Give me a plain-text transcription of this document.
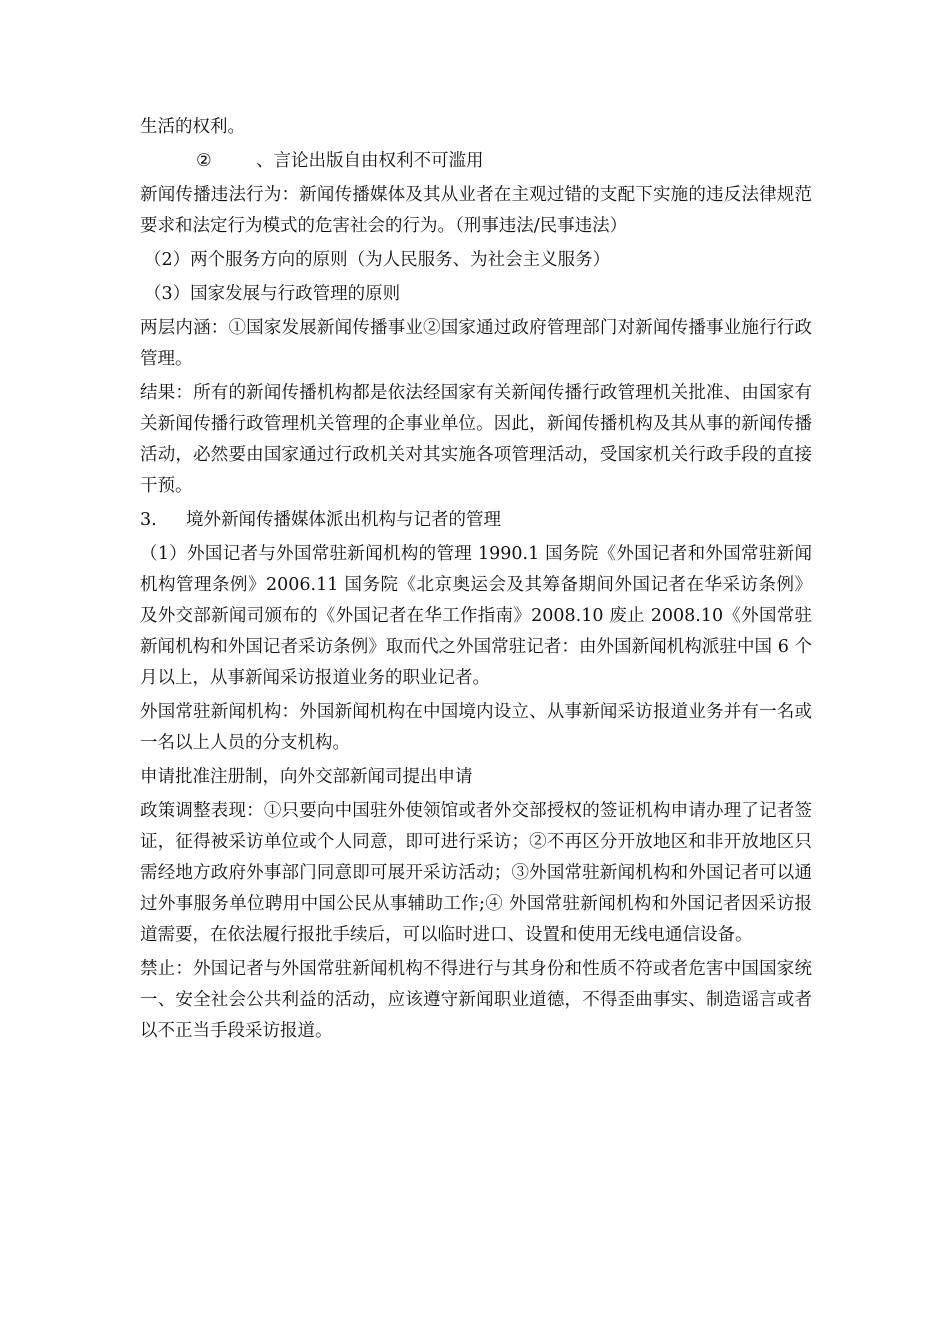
生活的权利。

②	、言论出版自由权利不可滥用

新闻传播违法行为：新闻传播媒体及其从业者在主观过错的支配下实施的违反法律规范要求和法定行为模式的危害社会的行为。（刑事违法/民事违法）

（2）两个服务方向的原则（为人民服务、为社会主义服务）

（3）国家发展与行政管理的原则

两层内涵：①国家发展新闻传播事业②国家通过政府管理部门对新闻传播事业施行行政管理。

结果：所有的新闻传播机构都是依法经国家有关新闻传播行政管理机关批准、由国家有关新闻传播行政管理机关管理的企事业单位。因此，新闻传播机构及其从事的新闻传播活动，必然要由国家通过行政机关对其实施各项管理活动，受国家机关行政手段的直接干预。

3. 境外新闻传播媒体派出机构与记者的管理

（1）外国记者与外国常驻新闻机构的管理 1990.1 国务院《外国记者和外国常驻新闻机构管理条例》2006.11 国务院《北京奥运会及其筹备期间外国记者在华采访条例》及外交部新闻司颁布的《外国记者在华工作指南》2008.10 废止 2008.10《外国常驻新闻机构和外国记者采访条例》取而代之外国常驻记者：由外国新闻机构派驻中国 6 个月以上，从事新闻采访报道业务的职业记者。

外国常驻新闻机构：外国新闻机构在中国境内设立、从事新闻采访报道业务并有一名或一名以上人员的分支机构。

申请批准注册制，向外交部新闻司提出申请

政策调整表现：①只要向中国驻外使领馆或者外交部授权的签证机构申请办理了记者签证，征得被采访单位或个人同意，即可进行采访；②不再区分开放地区和非开放地区只需经地方政府外事部门同意即可展开采访活动；③外国常驻新闻机构和外国记者可以通过外事服务单位聘用中国公民从事辅助工作;④ 外国常驻新闻机构和外国记者因采访报道需要，在依法履行报批手续后，可以临时进口、设置和使用无线电通信设备。

禁止：外国记者与外国常驻新闻机构不得进行与其身份和性质不符或者危害中国国家统一、安全社会公共利益的活动，应该遵守新闻职业道德，不得歪曲事实、制造谣言或者以不正当手段采访报道。
